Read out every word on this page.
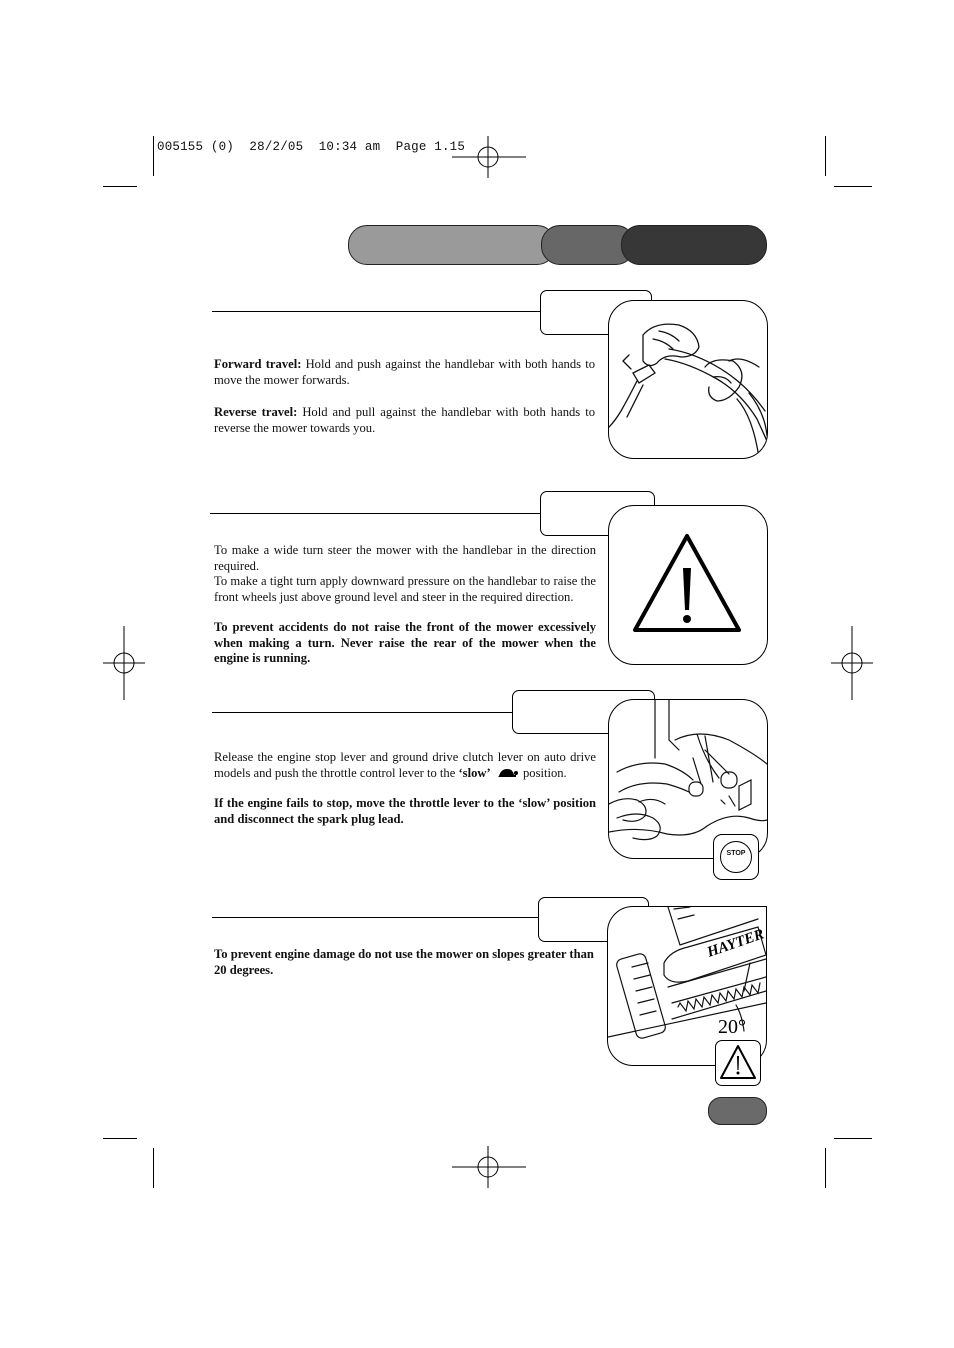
005155 (0)  28/2/05  10:34 am  Page 1.15

Forward travel: Hold and push against the handlebar with both hands to move the mower forwards.

Reverse travel: Hold and pull against the handlebar with both hands to reverse the mower towards you.

To make a wide turn steer the mower with the handlebar in the direction required.

To make a tight turn apply downward pressure on the handlebar to raise the front wheels just above ground level and steer in the required direction.

To prevent accidents do not raise the front of the mower excessively when making a turn. Never raise the rear of the mower when the engine is running.

STOP

Release the engine stop lever and ground drive clutch lever on auto drive models and push the throttle control lever to the ‘slow’  position.

If the engine fails to stop, move the throttle lever to the ‘slow’ position and disconnect the spark plug lead.

HAYTER
20°
To prevent engine damage do not use the mower on slopes greater than 20 degrees.
